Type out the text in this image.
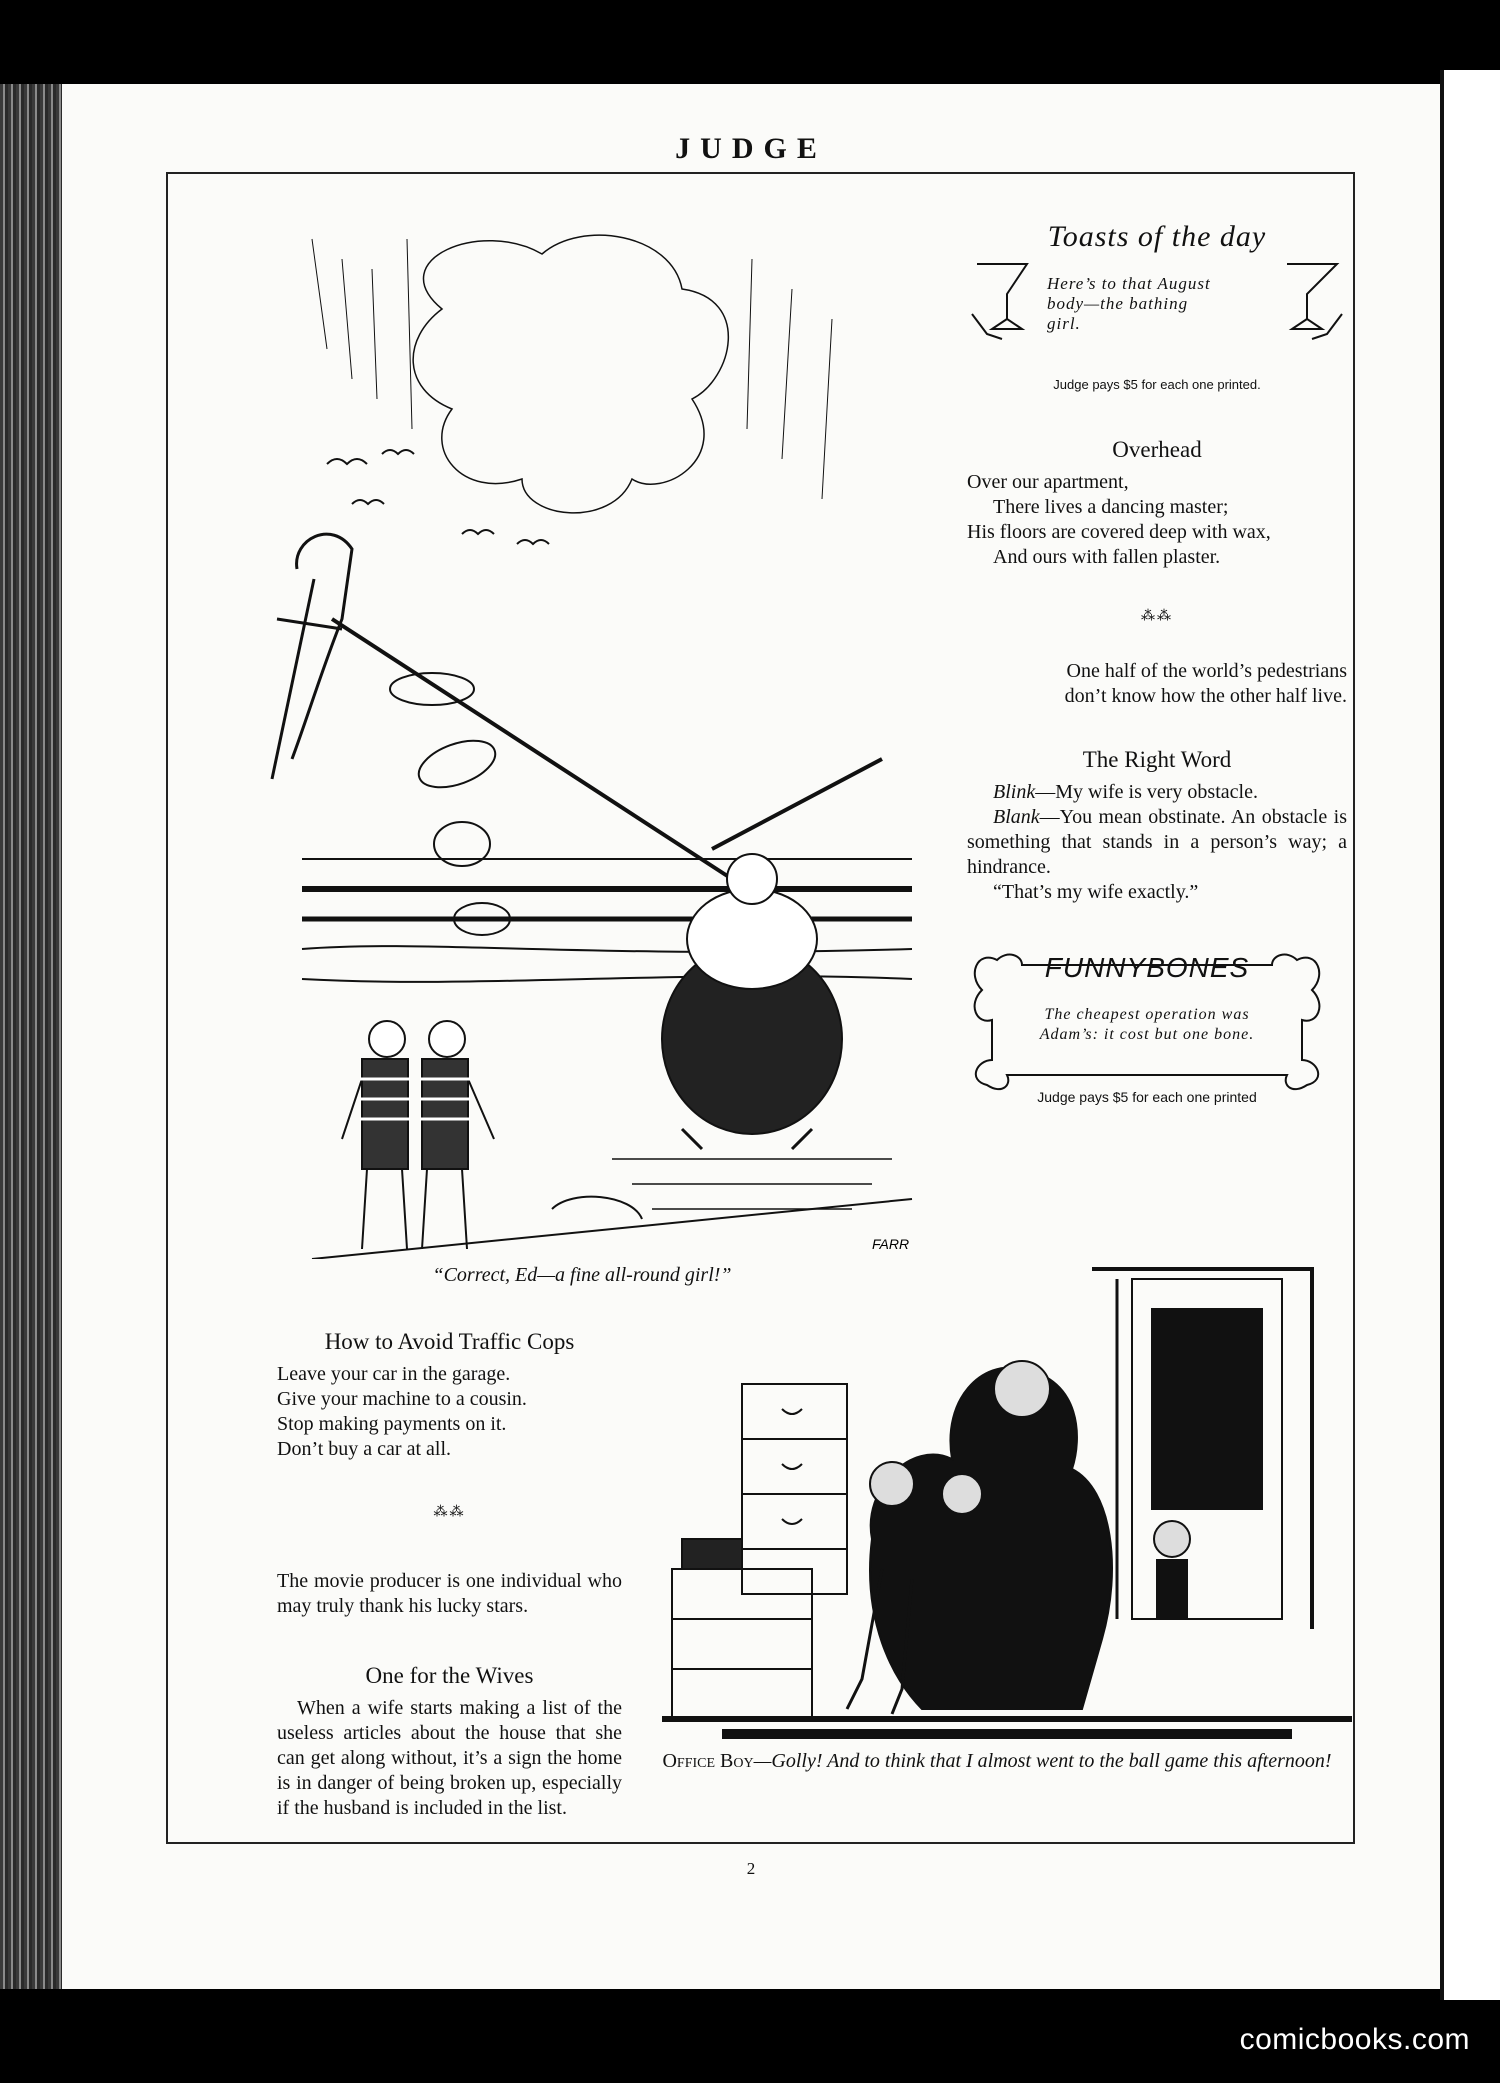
JUDGE
FARR
“Correct, Ed—a fine all-round girl!”
Toasts of the day
Here’s to that August
body—the bathing
girl.
Judge pays $5 for each one printed.
Overhead
Over our apartment,
There lives a dancing master;
His floors are covered deep with wax,
And ours with fallen plaster.
⁂⁂
One half of the world’s pedestrians
don’t know how the other half live.
The Right Word
Blink—My wife is very obstacle.
Blank—You mean obstinate. An obstacle is something that stands in a person’s way; a hindrance.
“That’s my wife exactly.”
FUNNYBONES
The cheapest operation was
Adam’s: it cost but one bone.
Judge pays $5 for each one printed
How to Avoid Traffic Cops
Leave your car in the garage.
Give your machine to a cousin.
Stop making payments on it.
Don’t buy a car at all.
⁂⁂
The movie producer is one individual who may truly thank his lucky stars.
One for the Wives
When a wife starts making a list of the useless articles about the house that she can get along without, it’s a sign the home is in danger of being broken up, especially if the husband is included in the list.
Office Boy—Golly! And to think that I almost went to the ball game this afternoon!
2
comicbooks.com
